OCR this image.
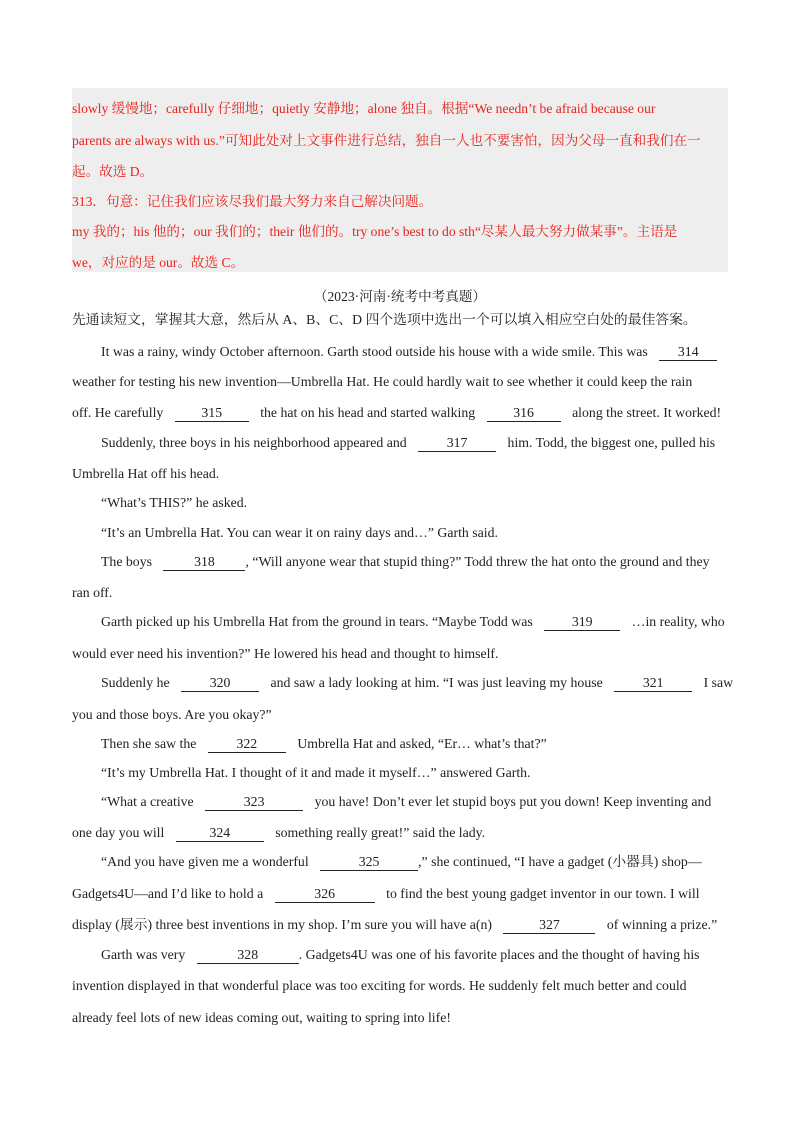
slowly 缓慢地；carefully 仔细地；quietly 安静地；alone 独自。根据“We needn’t be afraid because our
parents are always with us.”可知此处对上文事件进行总结，独自一人也不要害怕，因为父母一直和我们在一
起。故选 D。
313．句意：记住我们应该尽我们最大努力来自己解决问题。
my 我的；his 他的；our 我们的；their 他们的。try one’s best to do sth“尽某人最大努力做某事”。主语是
we，对应的是 our。故选 C。
（2023·河南·统考中考真题）
先通读短文，掌握其大意，然后从 A、B、C、D 四个选项中选出一个可以填入相应空白处的最佳答案。
It was a rainy, windy October afternoon. Garth stood outside his house with a wide smile. This was 314
weather for testing his new invention—Umbrella Hat. He could hardly wait to see whether it could keep the rain
off. He carefully	315	the hat on his head and started walking	316	along the street. It worked!
Suddenly, three boys in his neighborhood appeared and	317	him. Todd, the biggest one, pulled his
Umbrella Hat off his head.
“What’s THIS?” he asked.
“It’s an Umbrella Hat. You can wear it on rainy days and…” Garth said.
The boys	318 , “Will anyone wear that stupid thing?” Todd threw the hat onto the ground and they
ran off.
Garth picked up his Umbrella Hat from the ground in tears. “Maybe Todd was	319	…in reality, who
would ever need his invention?” He lowered his head and thought to himself.
Suddenly he	320	and saw a lady looking at him. “I was just leaving my house	321	I saw
you and those boys. Are you okay?”
Then she saw the	322	Umbrella Hat and asked, “Er… what’s that?”
“It’s my Umbrella Hat. I thought of it and made it myself…” answered Garth.
“What a creative	323	you have! Don’t ever let stupid boys put you down! Keep inventing and
one day you will	324	something really great!” said the lady.
“And you have given me a wonderful	325	,” she continued, “I have a gadget (小器具) shop—
Gadgets4U—and I’d like to hold a	326	to find the best young gadget inventor in our town. I will
display (展示) three best inventions in my shop. I’m sure you will have a(n)	327	of winning a prize.”
Garth was very	328	. Gadgets4U was one of his favorite places and the thought of having his
invention displayed in that wonderful place was too exciting for words. He suddenly felt much better and could
already feel lots of new ideas coming out, waiting to spring into life!
